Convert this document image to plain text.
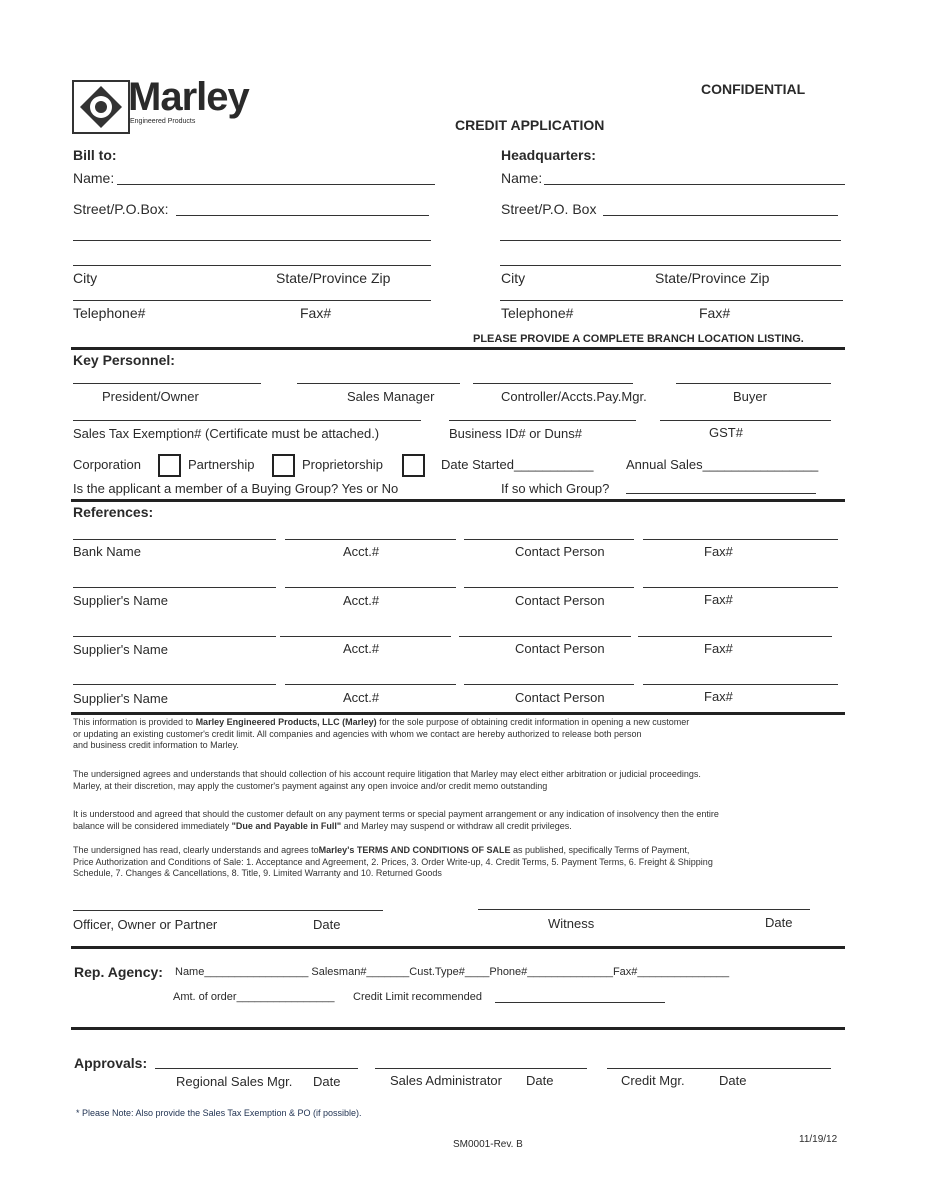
Marley
Engineered Products
CONFIDENTIAL
CREDIT APPLICATION
Bill to:
Name:
Street/P.O.Box:
City	State/Province Zip
Telephone#	Fax#
Headquarters:
Name:
Street/P.O. Box
City	State/Province Zip
Telephone#	Fax#
PLEASE PROVIDE A COMPLETE BRANCH LOCATION LISTING.
Key Personnel:
President/Owner	Sales Manager	Controller/Accts.Pay.Mgr.	Buyer
Sales Tax Exemption# (Certificate must be attached.)	Business ID# or Duns#	GST#
Corporation	Partnership	Proprietorship	Date Started___________ Annual Sales________________
Is the applicant a member of a Buying Group? Yes or No	If so which Group?
References:
Bank Name	Acct.#	Contact Person	Fax#
Supplier's Name	Acct.#	Contact Person	Fax#
Supplier's Name	Acct.#	Contact Person	Fax#
Supplier's Name	Acct.#	Contact Person	Fax#
This information is provided to Marley Engineered Products, LLC (Marley) for the sole purpose of obtaining credit information in opening a new customer
or updating an existing customer's credit limit. All companies and agencies with whom we contact are hereby authorized to release both person
and business credit information to Marley.
The undersigned agrees and understands that should collection of his account require litigation that Marley may elect either arbitration or judicial proceedings.
Marley, at their discretion, may apply the customer's payment against any open invoice and/or credit memo outstanding
It is understood and agreed that should the customer default on any payment terms or special payment arrangement or any indication of insolvency then the entire
balance will be considered immediately "Due and Payable in Full" and Marley may suspend or withdraw all credit privileges.
The undersigned has read, clearly understands and agrees toMarley's TERMS AND CONDITIONS OF SALE as published, specifically Terms of Payment,
Price Authorization and Conditions of Sale: 1. Acceptance and Agreement, 2. Prices, 3. Order Write-up, 4. Credit Terms, 5. Payment Terms, 6. Freight & Shipping
Schedule, 7. Changes & Cancellations, 8. Title, 9. Limited Warranty and 10. Returned Goods
Officer, Owner or Partner	Date	Witness	Date
Rep. Agency: Name_________________ Salesman#_______Cust.Type#____Phone#______________Fax#_______________
Amt. of order________________ Credit Limit recommended
Approvals:
Regional Sales Mgr. Date	Sales Administrator Date	Credit Mgr.	Date
* Please Note: Also provide the Sales Tax Exemption & PO (if possible).
SM0001-Rev. B	11/19/12
